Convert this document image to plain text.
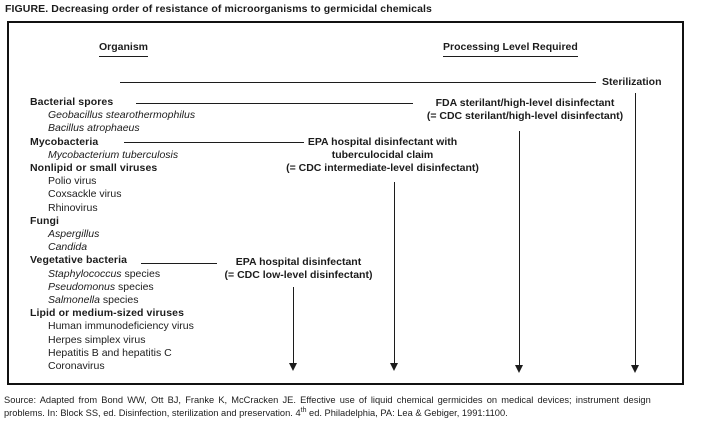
FIGURE. Decreasing order of resistance of microorganisms to germicidal chemicals
Organism	Processing Level Required
Bacterial spores
Geobacillus stearothermophilus
Bacillus atrophaeus
Mycobacteria
Mycobacterium tuberculosis
Nonlipid or small viruses
Polio virus
Coxsackle virus
Rhinovirus
Fungi
Aspergillus
Candida
Vegetative bacteria
Staphylococcus species
Pseudomonus species
Salmonella species
Lipid or medium-sized viruses
Human immunodeficiency virus
Herpes simplex virus
Hepatitis B and hepatitis C
Coronavirus
Sterilization
FDA sterilant/high-level disinfectant
(= CDC sterilant/high-level disinfectant)
EPA hospital disinfectant with
tuberculocidal claim
(= CDC intermediate-level disinfectant)
EPA hospital disinfectant
(= CDC low-level disinfectant)
Source: Adapted from Bond WW, Ott BJ, Franke K, McCracken JE. Effective use of liquid chemical germicides on medical devices; instrument design
problems. In: Block SS, ed. Disinfection, sterilization and preservation. 4th ed. Philadelphia, PA: Lea & Gebiger, 1991:1100.
